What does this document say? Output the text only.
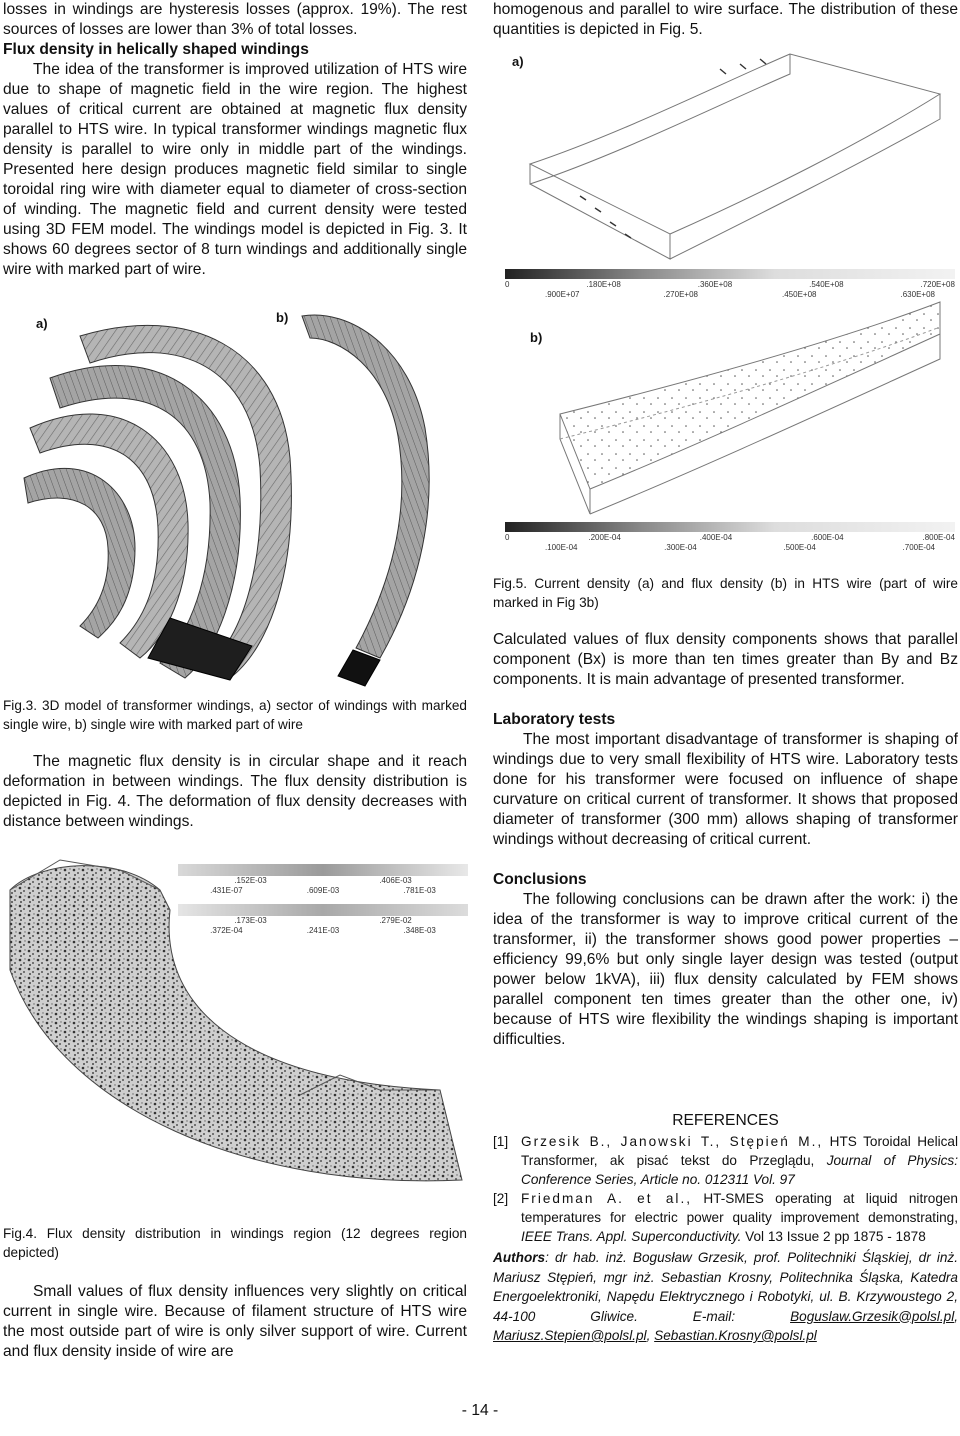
losses in windings are hysteresis losses (approx. 19%). The rest sources of losses are lower than 3% of total losses.

Flux density in helically shaped windings

The idea of the transformer is improved utilization of HTS wire due to shape of magnetic field in the wire region. The highest values of critical current are obtained at magnetic flux density parallel to HTS wire. In typical transformer windings magnetic flux density is parallel to wire only in middle part of the windings. Presented here design produces magnetic field similar to single toroidal ring wire with diameter equal to diameter of cross-section of winding. The magnetic field and current density were tested using 3D FEM model. The windings model is depicted in Fig. 3. It shows 60 degrees sector of 8 turn windings and additionally single wire with marked part of wire.

a)	b)

Fig.3. 3D model of transformer windings, a) sector of windings with marked single wire, b) single wire with marked part of wire

The magnetic flux density is in circular shape and it reach deformation in between windings. The flux density distribution is depicted in Fig. 4. The deformation of flux density decreases with distance between windings.

.152E-03	.406E-03
.431E-07	.609E-03	.781E-03
.173E-03	.279E-02
.372E-04	.241E-03	.348E-03

Fig.4. Flux density distribution in windings region (12 degrees region depicted)

Small values of flux density influences very slightly on critical current in single wire. Because of filament structure of HTS wire the most outside part of wire is only silver support of wire. Current and flux density inside of wire are

homogenous and parallel to wire surface. The distribution of these quantities is depicted in Fig. 5.

a)
b)
0	.180E+08	.360E+08	.540E+08	.720E+08
.900E+07	.270E+08	.450E+08	.630E+08
0	.200E-04	.400E-04	.600E-04	.800E-04
.100E-04	.300E-04	.500E-04	.700E-04

Fig.5. Current density (a) and flux density (b) in HTS wire (part of wire marked in Fig 3b)

Calculated values of flux density components shows that parallel component (Bx) is more than ten times greater than By and Bz components. It is main advantage of presented transformer.

Laboratory tests

The most important disadvantage of transformer is shaping of windings due to very small flexibility of HTS wire. Laboratory tests done for his transformer were focused on influence of shape curvature on critical current of transformer. It shows that proposed diameter of transformer (300 mm) allows shaping of transformer windings without decreasing of critical current.

Conclusions

The following conclusions can be drawn after the work: i) the idea of the transformer is way to improve critical current of the transformer, ii) the transformer shows good power properties – efficiency 99,6% but only single layer design was tested (output power below 1kVA), iii) flux density calculated by FEM shows parallel component ten times greater than the other one, iv) because of HTS wire flexibility the windings shaping is important difficulties.

REFERENCES

[1] Grzesik B., Janowski T., Stępień M., HTS Toroidal Helical Transformer, ak pisać tekst do Przeglądu, Journal of Physics: Conference Series, Article no. 012311 Vol. 97

[2] Friedman A. et al., HT-SMES operating at liquid nitrogen temperatures for electric power quality improvement demonstrating, IEEE Trans. Appl. Superconductivity. Vol 13 Issue 2 pp 1875 - 1878

Authors: dr hab. inż. Bogusław Grzesik, prof. Politechniki Śląskiej, dr inż. Mariusz Stępień, mgr inż. Sebastian Krosny, Politechnika Śląska, Katedra Energoelektroniki, Napędu Elektrycznego i Robotyki, ul. B. Krzywoustego 2, 44-100 Gliwice. E-mail: Boguslaw.Grzesik@polsl.pl, Mariusz.Stepien@polsl.pl, Sebastian.Krosny@polsl.pl

- 14 -
